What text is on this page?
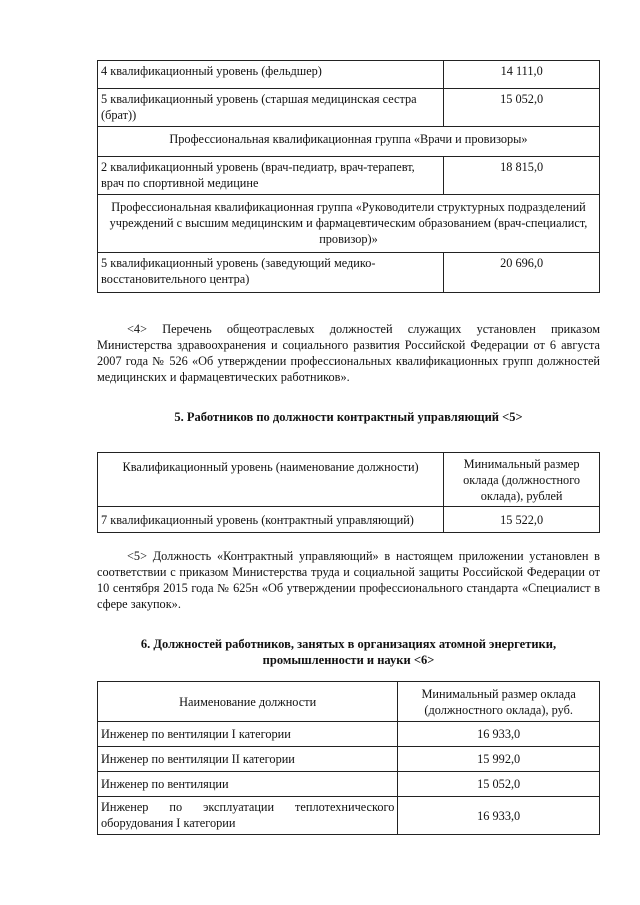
4 квалификационный уровень (фельдшер)	14 111,0
5 квалификационный уровень (старшая медицинская сестра (брат))	15 052,0
Профессиональная квалификационная группа «Врачи и провизоры»	
2 квалификационный уровень (врач-педиатр, врач-терапевт, врач по спортивной медицине	18 815,0
Профессиональная квалификационная группа «Руководители структурных подразделений учреждений с высшим медицинским и фармацевтическим образованием (врач-специалист, провизор)»	
5 квалификационный уровень (заведующий медико-восстановительного центра)	20 696,0

<4> Перечень общеотраслевых должностей служащих установлен приказом Министерства здравоохранения и социального развития Российской Федерации от 6 августа 2007 года № 526 «Об утверждении профессиональных квалификационных групп должностей медицинских и фармацевтических работников».

5. Работников по должности контрактный управляющий <5>

Квалификационный уровень (наименование должности)	Минимальный размер оклада (должностного оклада), рублей
7 квалификационный уровень (контрактный управляющий)	15 522,0

<5> Должность «Контрактный управляющий» в настоящем приложении установлен в соответствии с приказом Министерства труда и социальной защиты Российской Федерации от 10 сентября 2015 года № 625н «Об утверждении профессионального стандарта «Специалист в сфере закупок».

6. Должностей работников, занятых в организациях атомной энергетики,
промышленности и науки <6>

Наименование должности	Минимальный размер оклада (должностного оклада), руб.
Инженер по вентиляции I категории	16 933,0
Инженер по вентиляции II категории	15 992,0
Инженер по вентиляции	15 052,0
Инженер по эксплуатации теплотехнического оборудования I категории	16 933,0
